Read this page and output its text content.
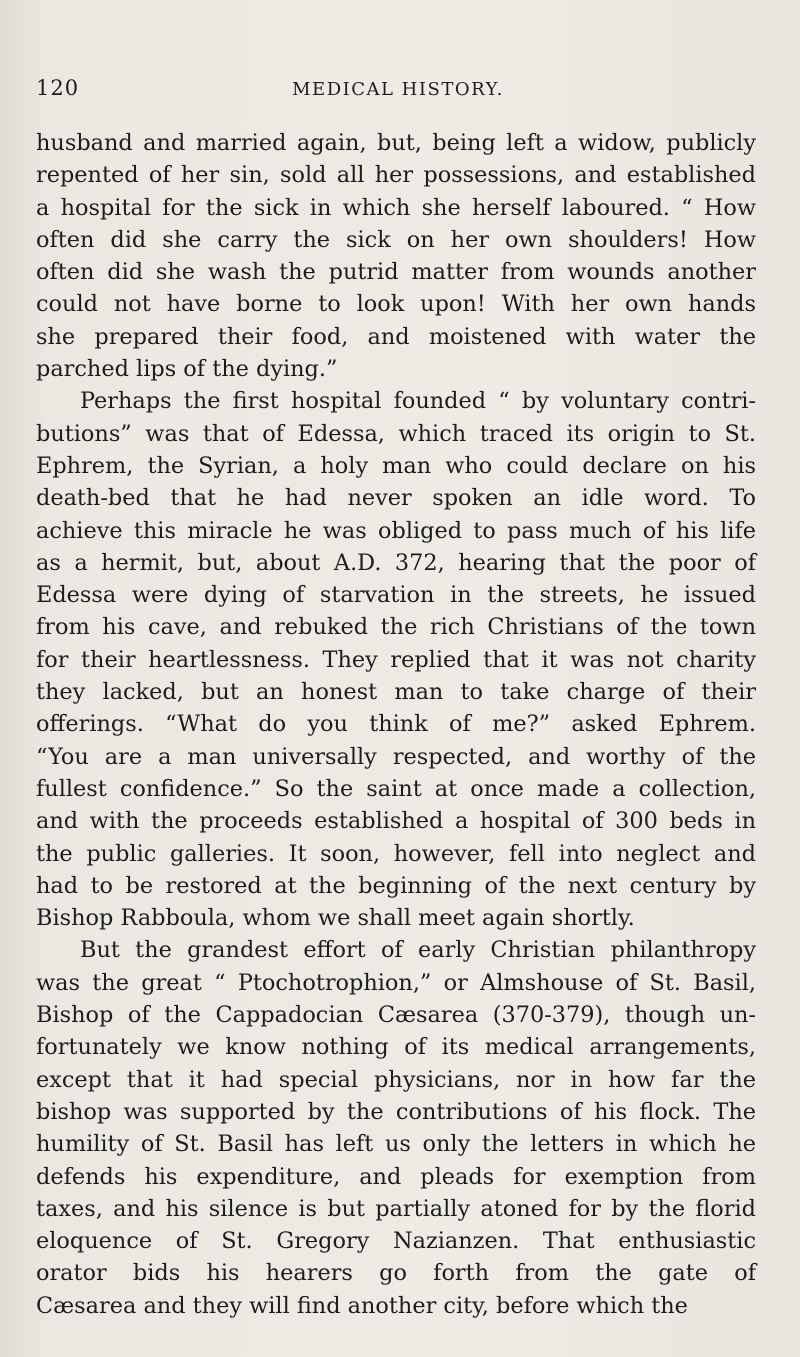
120	MEDICAL HISTORY.

husband and married again, but, being left a widow, publicly
repented of her sin, sold all her possessions, and established
a hospital for the sick in which she herself laboured. “ How
often did she carry the sick on her own shoulders! How
often did she wash the putrid matter from wounds another
could not have borne to look upon! With her own hands
she prepared their food, and moistened with water the
parched lips of the dying.”

Perhaps the first hospital founded “ by voluntary contri-
butions” was that of Edessa, which traced its origin to St.
Ephrem, the Syrian, a holy man who could declare on his
death-bed that he had never spoken an idle word. To
achieve this miracle he was obliged to pass much of his life
as a hermit, but, about A.D. 372, hearing that the poor of
Edessa were dying of starvation in the streets, he issued
from his cave, and rebuked the rich Christians of the town
for their heartlessness. They replied that it was not charity
they lacked, but an honest man to take charge of their
offerings. “What do you think of me?” asked Ephrem.
“You are a man universally respected, and worthy of the
fullest confidence.” So the saint at once made a collection,
and with the proceeds established a hospital of 300 beds in
the public galleries. It soon, however, fell into neglect and
had to be restored at the beginning of the next century by
Bishop Rabboula, whom we shall meet again shortly.

But the grandest effort of early Christian philanthropy
was the great “ Ptochotrophion,” or Almshouse of St. Basil,
Bishop of the Cappadocian Cæsarea (370-379), though un-
fortunately we know nothing of its medical arrangements,
except that it had special physicians, nor in how far the
bishop was supported by the contributions of his flock. The
humility of St. Basil has left us only the letters in which he
defends his expenditure, and pleads for exemption from
taxes, and his silence is but partially atoned for by the florid
eloquence of St. Gregory Nazianzen. That enthusiastic
orator bids his hearers go forth from the gate of
Cæsarea and they will find another city, before which the
